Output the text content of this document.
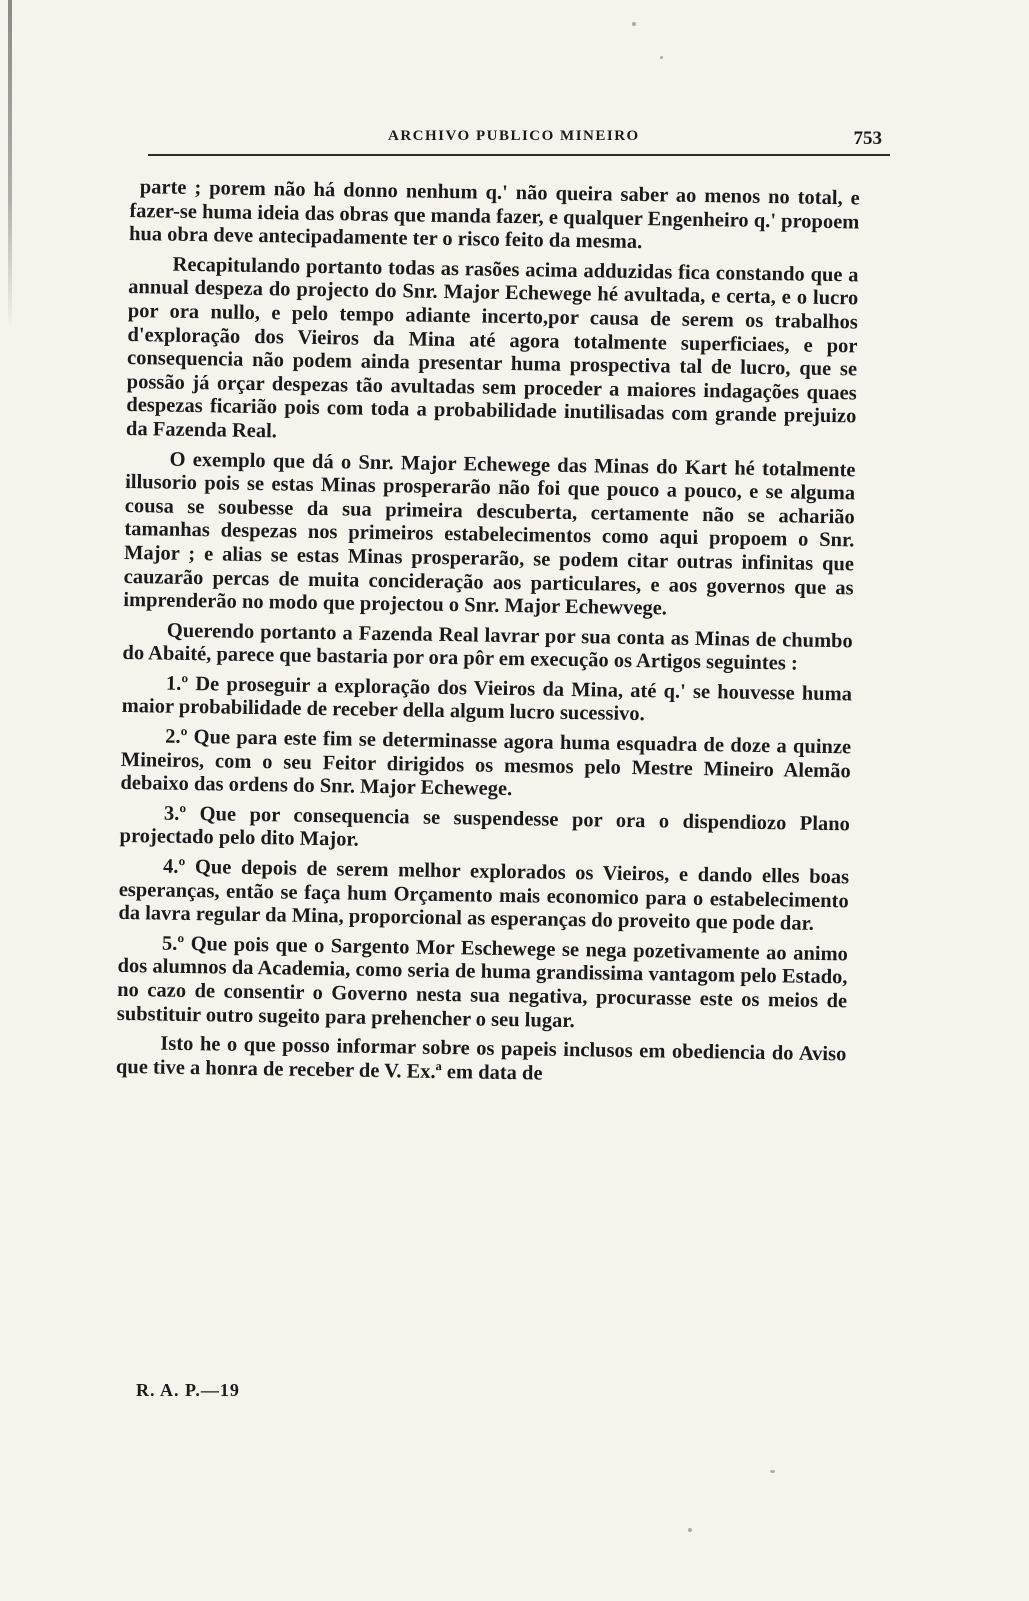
ARCHIVO PUBLICO MINEIRO	753

parte ; porem não há donno nenhum q.' não queira saber ao menos no total, e fazer-se huma ideia das obras que manda fazer, e qualquer Engenheiro q.' propoem hua obra deve antecipadamente ter o risco feito da mesma.

Recapitulando portanto todas as rasões acima adduzidas fica constando que a annual despeza do projecto do Snr. Major Echewege hé avultada, e certa, e o lucro por ora nullo, e pelo tempo adiante incerto,por causa de serem os trabalhos d'exploração dos Vieiros da Mina até agora totalmente superficiaes, e por consequencia não podem ainda presentar huma prospectiva tal de lucro, que se possão já orçar despezas tão avultadas sem proceder a maiores indagações quaes despezas ficarião pois com toda a probabilidade inutilisadas com grande prejuizo da Fazenda Real.

O exemplo que dá o Snr. Major Echewege das Minas do Kart hé totalmente illusorio pois se estas Minas prosperarão não foi que pouco a pouco, e se alguma cousa se soubesse da sua primeira descuberta, certamente não se acharião tamanhas despezas nos primeiros estabelecimentos como aqui propoem o Snr. Major ; e alias se estas Minas prosperarão, se podem citar outras infinitas que cauzarão percas de muita concideração aos particulares, e aos governos que as imprenderão no modo que projectou o Snr. Major Echewvege.

Querendo portanto a Fazenda Real lavrar por sua conta as Minas de chumbo do Abaité, parece que bastaria por ora pôr em execução os Artigos seguintes :

1.º De proseguir a exploração dos Vieiros da Mina, até q.' se houvesse huma maior probabilidade de receber della algum lucro sucessivo.

2.º Que para este fim se determinasse agora huma esquadra de doze a quinze Mineiros, com o seu Feitor dirigidos os mesmos pelo Mestre Mineiro Alemão debaixo das ordens do Snr. Major Echewege.

3.º Que por consequencia se suspendesse por ora o dispendiozo Plano projectado pelo dito Major.

4.º Que depois de serem melhor explorados os Vieiros, e dando elles boas esperanças, então se faça hum Orçamento mais economico para o estabelecimento da lavra regular da Mina, proporcional as esperanças do proveito que pode dar.

5.º Que pois que o Sargento Mor Eschewege se nega pozetivamente ao animo dos alumnos da Academia, como seria de huma grandissima vantagom pelo Estado, no cazo de consentir o Governo nesta sua negativa, procurasse este os meios de substituir outro sugeito para prehencher o seu lugar.

Isto he o que posso informar sobre os papeis inclusos em obediencia do Aviso que tive a honra de receber de V. Ex.ª em data de

R. A. P.—19
